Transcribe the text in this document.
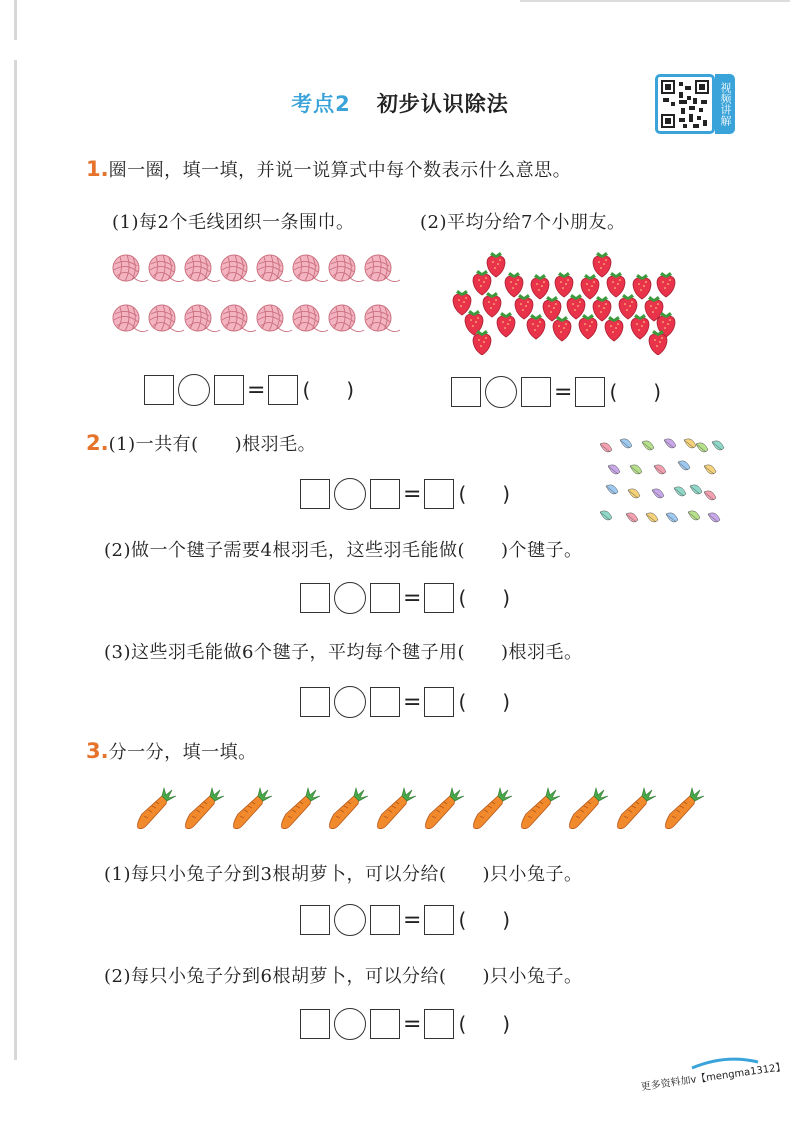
考点2 初步认识除法	视频讲解
1.圈一圈，填一填，并说一说算式中每个数表示什么意思。
(1)每2个毛线团织一条围巾。	(2)平均分给7个小朋友。
= ( )	= ( )
2.(1)一共有( )根羽毛。
= ( )
(2)做一个毽子需要4根羽毛，这些羽毛能做( )个毽子。
= ( )
(3)这些羽毛能做6个毽子，平均每个毽子用( )根羽毛。
= ( )
3.分一分，填一填。
(1)每只小兔子分到3根胡萝卜，可以分给( )只小兔子。
= ( )
(2)每只小兔子分到6根胡萝卜，可以分给( )只小兔子。
= ( )
更多资料加v【mengma1312】
